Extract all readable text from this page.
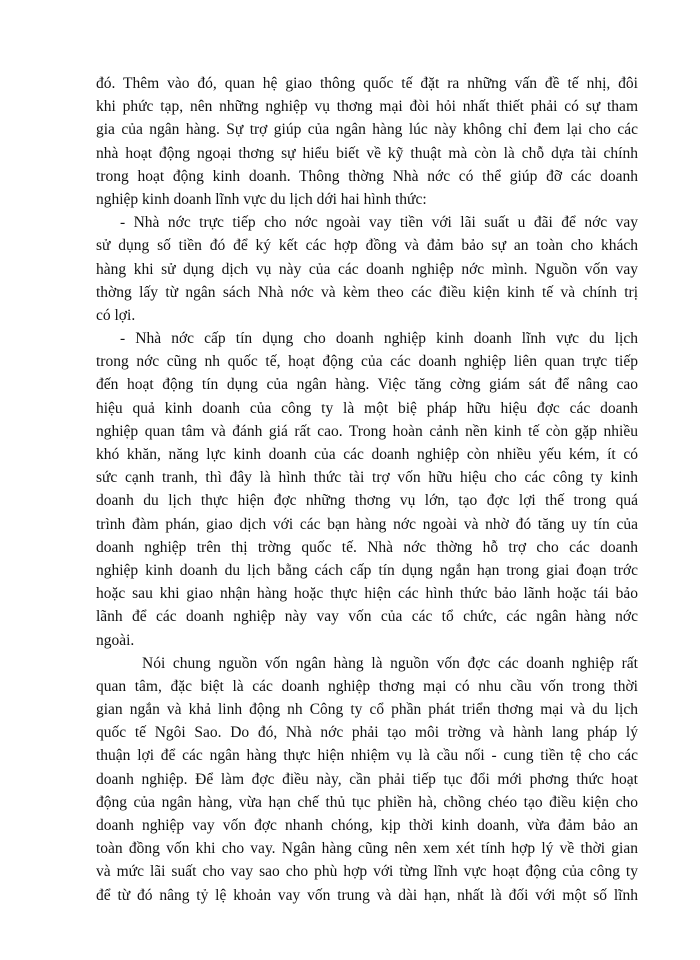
đó. Thêm vào đó, quan hệ giao thông quốc tế đặt ra những vấn đề tế nhị, đôi
khi phức tạp, nên những nghiệp vụ thơng mại đòi hỏi nhất thiết phải có sự tham
gia của ngân hàng. Sự trợ giúp của ngân hàng lúc này không chỉ đem lại cho các
nhà hoạt động ngoại thơng sự hiểu biết về kỹ thuật mà còn là chỗ dựa tài chính
trong hoạt động kinh doanh. Thông thờng Nhà nớc có thể giúp đỡ các doanh
nghiệp kinh doanh lĩnh vực du lịch dới hai hình thức:
- Nhà nớc trực tiếp cho nớc ngoài vay tiền với lãi suất u đãi để nớc vay
sử dụng số tiền đó để ký kết các hợp đồng và đảm bảo sự an toàn cho khách
hàng khi sử dụng dịch vụ này của các doanh nghiệp nớc mình. Nguồn vốn vay
thờng lấy từ ngân sách Nhà nớc và kèm theo các điều kiện kinh tế và chính trị
có lợi.
- Nhà nớc cấp tín dụng cho doanh nghiệp kinh doanh lĩnh vực du lịch
trong nớc cũng nh quốc tế, hoạt động của các doanh nghiệp liên quan trực tiếp
đến hoạt động tín dụng của ngân hàng. Việc tăng cờng giám sát để nâng cao
hiệu quả kinh doanh của công ty là một biệ pháp hữu hiệu đợc các doanh
nghiệp quan tâm và đánh giá rất cao. Trong hoàn cảnh nền kinh tế còn gặp nhiều
khó khăn, năng lực kinh doanh của các doanh nghiệp còn nhiều yếu kém, ít có
sức cạnh tranh, thì đây là hình thức tài trợ vốn hữu hiệu cho các công ty kinh
doanh du lịch thực hiện đợc những thơng vụ lớn, tạo đợc lợi thế trong quá
trình đàm phán, giao dịch với các bạn hàng nớc ngoài và nhờ đó tăng uy tín của
doanh nghiệp trên thị trờng quốc tế. Nhà nớc thờng hỗ trợ cho các doanh
nghiệp kinh doanh du lịch bằng cách cấp tín dụng ngắn hạn trong giai đoạn trớc
hoặc sau khi giao nhận hàng hoặc thực hiện các hình thức bảo lãnh hoặc tái bảo
lãnh để các doanh nghiệp này vay vốn của các tổ chức, các ngân hàng nớc
ngoài.
Nói chung nguồn vốn ngân hàng là nguồn vốn đợc các doanh nghiệp rất
quan tâm, đặc biệt là các doanh nghiệp thơng mại có nhu cầu vốn trong thời
gian ngắn và khả linh động nh Công ty cổ phần phát triển thơng mại và du lịch
quốc tế Ngôi Sao. Do đó, Nhà nớc phải tạo môi trờng và hành lang pháp lý
thuận lợi để các ngân hàng thực hiện nhiệm vụ là cầu nối - cung tiền tệ cho các
doanh nghiệp. Để làm đợc điều này, cần phải tiếp tục đổi mới phơng thức hoạt
động của ngân hàng, vừa hạn chế thủ tục phiền hà, chồng chéo tạo điều kiện cho
doanh nghiệp vay vốn đợc nhanh chóng, kịp thời kinh doanh, vừa đảm bảo an
toàn đồng vốn khi cho vay. Ngân hàng cũng nên xem xét tính hợp lý về thời gian
và mức lãi suất cho vay sao cho phù hợp với từng lĩnh vực hoạt động của công ty
để từ đó nâng tỷ lệ khoản vay vốn trung và dài hạn, nhất là đối với một số lĩnh
